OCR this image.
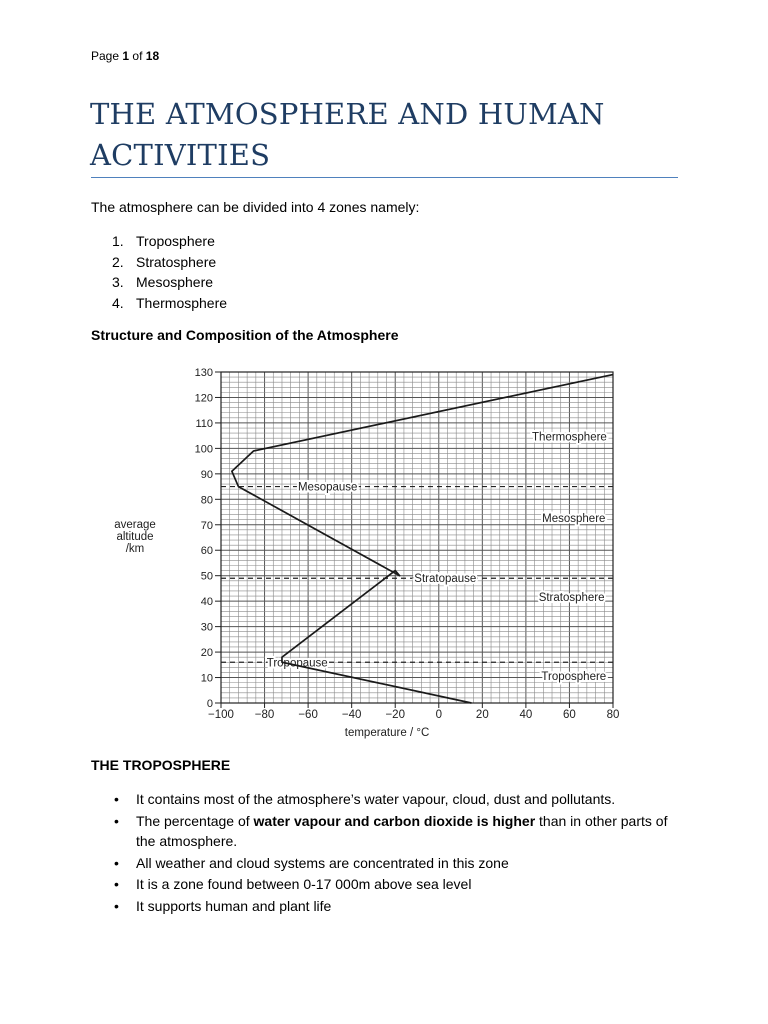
Page 1 of 18
THE ATMOSPHERE AND HUMAN ACTIVITIES
The atmosphere can be divided into 4 zones namely:
1. Troposphere
2. Stratosphere
3. Mesosphere
4. Thermosphere
Structure and Composition of the Atmosphere
0
10
20
30
40
50
60
70
80
90
100
110
120
130
−100 −80 −60 −40 −20	0	20	40	60	80
Mesopause
Stratopause
Tropopause
Thermosphere
Mesosphere
Stratosphere
Troposphere
temperature / °C
average altitude /km
THE TROPOSPHERE
• It contains most of the atmosphere’s water vapour, cloud, dust and pollutants.
• The percentage of water vapour and carbon dioxide is higher than in other parts of the atmosphere.
• All weather and cloud systems are concentrated in this zone
• It is a zone found between 0-17 000m above sea level
• It supports human and plant life
